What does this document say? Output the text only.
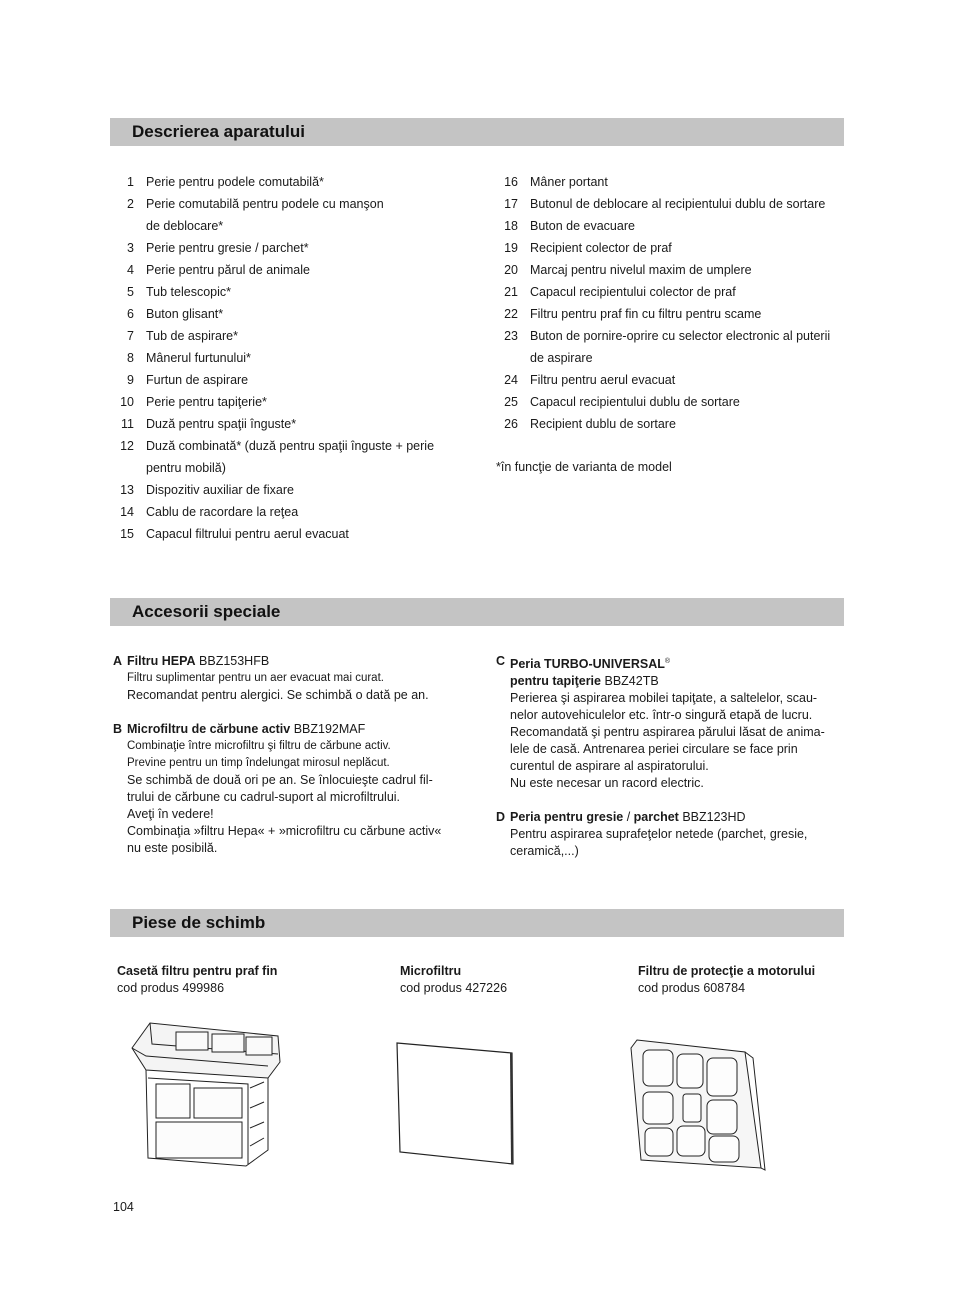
Descrierea aparatului
Accesorii speciale
Piese de schimb
1 Perie pentru podele comutabilă*
2 Perie comutabilă pentru podele cu manşon
de deblocare*
3 Perie pentru gresie / parchet*
4 Perie pentru părul de animale
5 Tub telescopic*
6 Buton glisant*
7 Tub de aspirare*
8 Mânerul furtunului*
9 Furtun de aspirare
10 Perie pentru tapiţerie*
11 Duză pentru spaţii înguste*
12 Duză combinată* (duză pentru spaţii înguste + perie
pentru mobilă)
13 Dispozitiv auxiliar de fixare
14 Cablu de racordare la reţea
15 Capacul filtrului pentru aerul evacuat
16 Mâner portant
17 Butonul de deblocare al recipientului dublu de sortare
18 Buton de evacuare
19 Recipient colector de praf
20 Marcaj pentru nivelul maxim de umplere
21 Capacul recipientului colector de praf
22 Filtru pentru praf fin cu filtru pentru scame
23 Buton de pornire-oprire cu selector electronic al puterii
de aspirare
24 Filtru pentru aerul evacuat
25 Capacul recipientului dublu de sortare
26 Recipient dublu de sortare
*în funcţie de varianta de model
A Filtru HEPA BBZ153HFB
Filtru suplimentar pentru un aer evacuat mai curat.
Recomandat pentru alergici. Se schimbă o dată pe an.
B Microfiltru de cărbune activ BBZ192MAF
Combinaţie între microfiltru şi filtru de cărbune activ.
Previne pentru un timp îndelungat mirosul neplăcut.
Se schimbă de două ori pe an. Se înlocuieşte cadrul fil-
trului de cărbune cu cadrul-suport al microfiltrului.
Aveţi în vedere!
Combinaţia »filtru Hepa« + »microfiltru cu cărbune activ«
nu este posibilă.
C Peria TURBO-UNIVERSAL®
pentru tapiţerie BBZ42TB
Perierea şi aspirarea mobilei tapiţate, a saltelelor, scau-
nelor autovehiculelor etc. într-o singură etapă de lucru.
Recomandată şi pentru aspirarea părului lăsat de anima-
lele de casă. Antrenarea periei circulare se face prin
curentul de aspirare al aspiratorului.
Nu este necesar un racord electric.
D Peria pentru gresie / parchet BBZ123HD
Pentru aspirarea suprafeţelor netede (parchet, gresie,
ceramică,...)
Casetă filtru pentru praf fin
cod produs 499986
Microfiltru
cod produs 427226
Filtru de protecţie a motorului
cod produs 608784
104
